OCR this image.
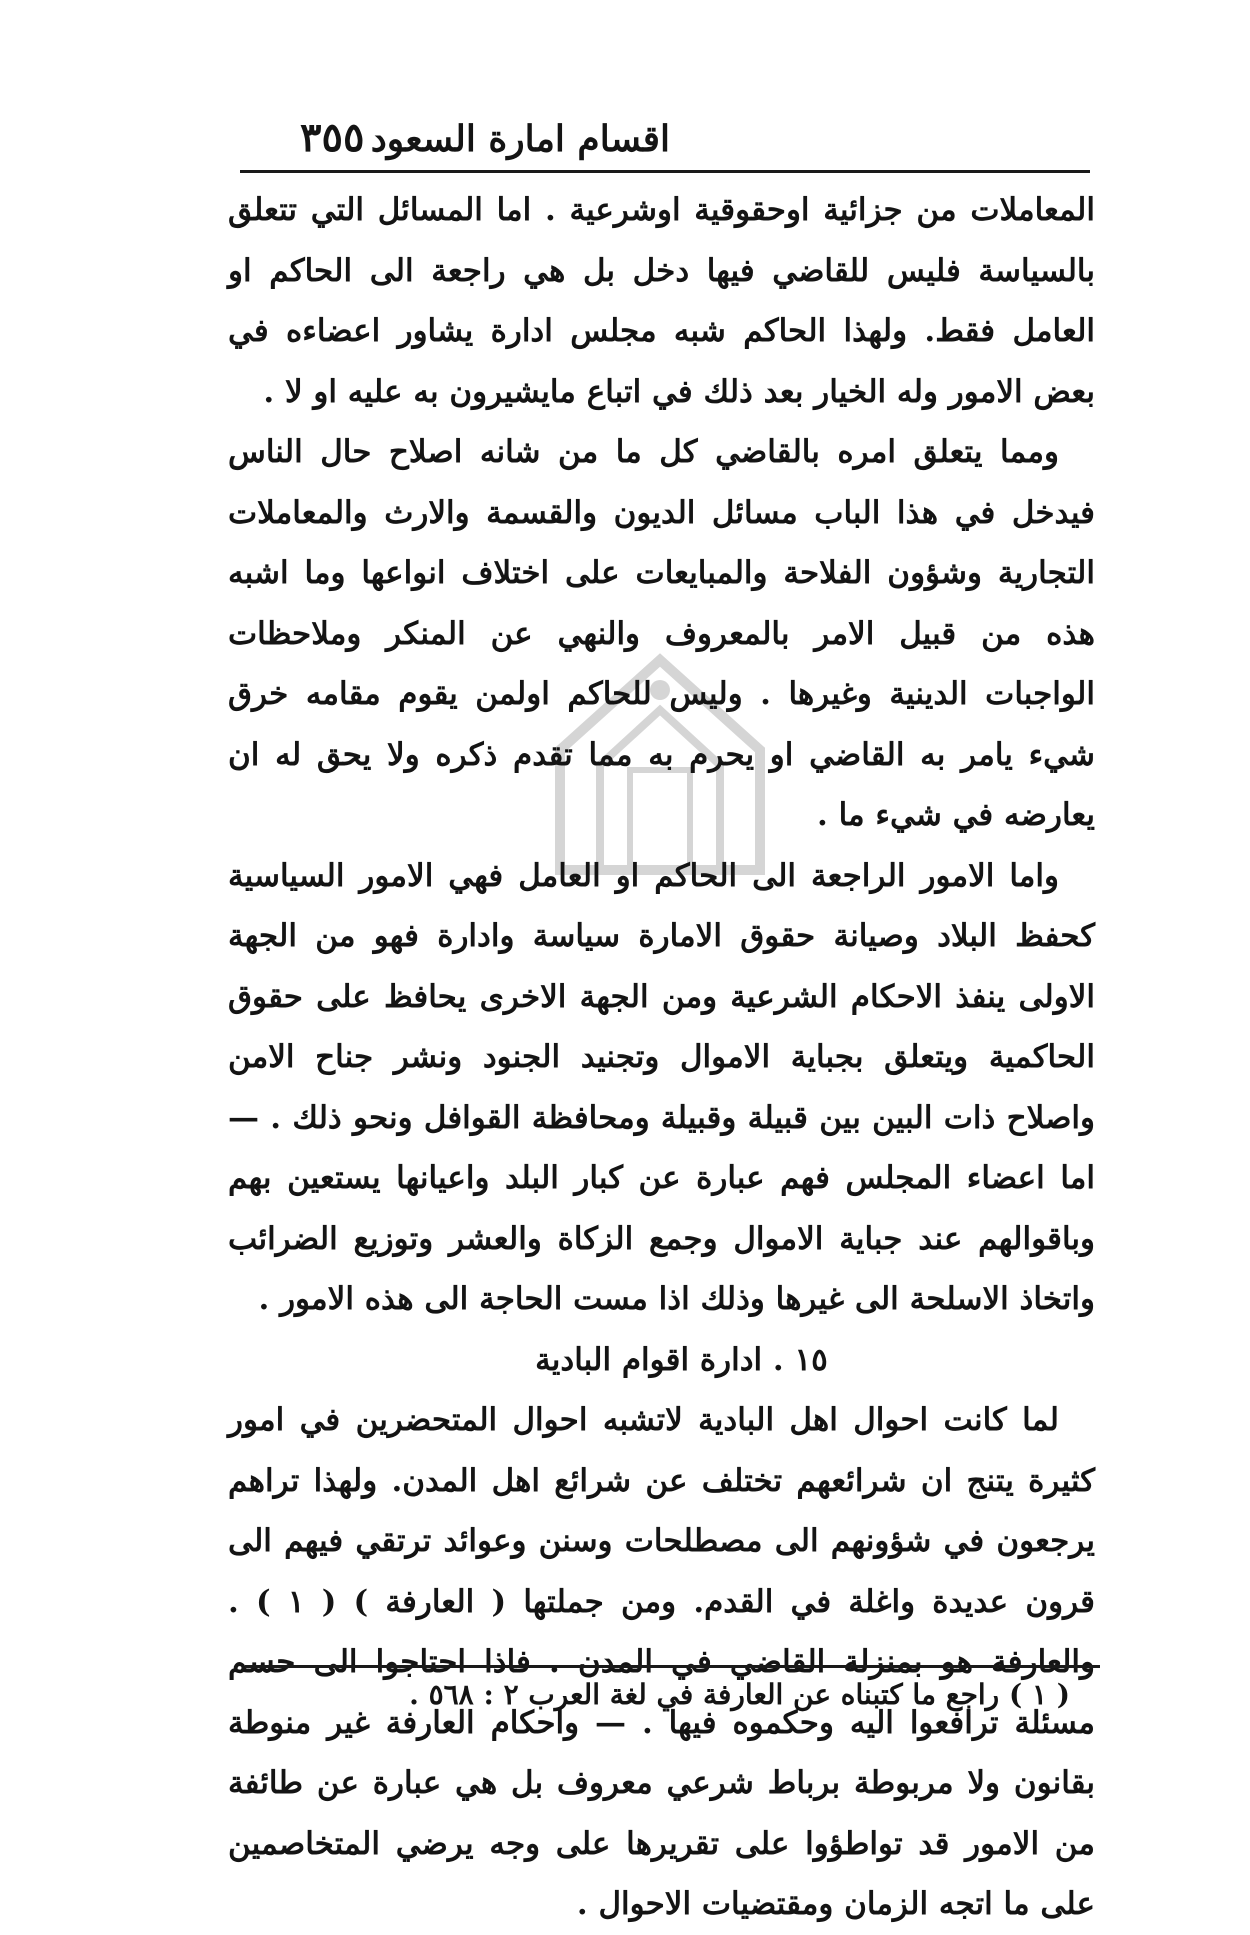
اقسام امارة السعود
٣٥٥

المعاملات من جزائية اوحقوقية اوشرعية . اما المسائل التي تتعلق بالسياسة فليس للقاضي فيها دخل بل هي راجعة الى الحاكم او العامل فقط. ولهذا الحاكم شبه مجلس ادارة يشاور اعضاءه في بعض الامور وله الخيار بعد ذلك في اتباع مايشيرون به عليه او لا .

ومما يتعلق امره بالقاضي كل ما من شانه اصلاح حال الناس فيدخل في هذا الباب مسائل الديون والقسمة والارث والمعاملات التجارية وشؤون الفلاحة والمبايعات على اختلاف انواعها وما اشبه هذه من قبيل الامر بالمعروف والنهي عن المنكر وملاحظات الواجبات الدينية وغيرها . وليس للحاكم اولمن يقوم مقامه خرق شيء يامر به القاضي او يحرم به مما تقدم ذكره ولا يحق له ان يعارضه في شيء ما .

واما الامور الراجعة الى الحاكم او العامل فهي الامور السياسية كحفظ البلاد وصيانة حقوق الامارة سياسة وادارة فهو من الجهة الاولى ينفذ الاحكام الشرعية ومن الجهة الاخرى يحافظ على حقوق الحاكمية ويتعلق بجباية الاموال وتجنيد الجنود ونشر جناح الامن واصلاح ذات البين بين قبيلة وقبيلة ومحافظة القوافل ونحو ذلك . — اما اعضاء المجلس فهم عبارة عن كبار البلد واعيانها يستعين بهم وباقوالهم عند جباية الاموال وجمع الزكاة والعشر وتوزيع الضرائب واتخاذ الاسلحة الى غيرها وذلك اذا مست الحاجة الى هذه الامور .

١٥ . ادارة اقوام البادية

لما كانت احوال اهل البادية لاتشبه احوال المتحضرين في امور كثيرة يتنج ان شرائعهم تختلف عن شرائع اهل المدن. ولهذا تراهم يرجعون في شؤونهم الى مصطلحات وسنن وعوائد ترتقي فيهم الى قرون عديدة واغلة في القدم. ومن جملتها ( العارفة ) ( ١ ) . والعارفة هو بمنزلة القاضي في المدن . فاذا احتاجوا الى حسم مسئلة ترافعوا اليه وحكموه فيها . — واحكام العارفة غير منوطة بقانون ولا مربوطة برباط شرعي معروف بل هي عبارة عن طائفة من الامور قد تواطؤوا على تقريرها على وجه يرضي المتخاصمين على ما اتجه الزمان ومقتضيات الاحوال .

( ١ ) راجع ما كتبناه عن العارفة في لغة العرب ٢ : ٥٦٨ .
